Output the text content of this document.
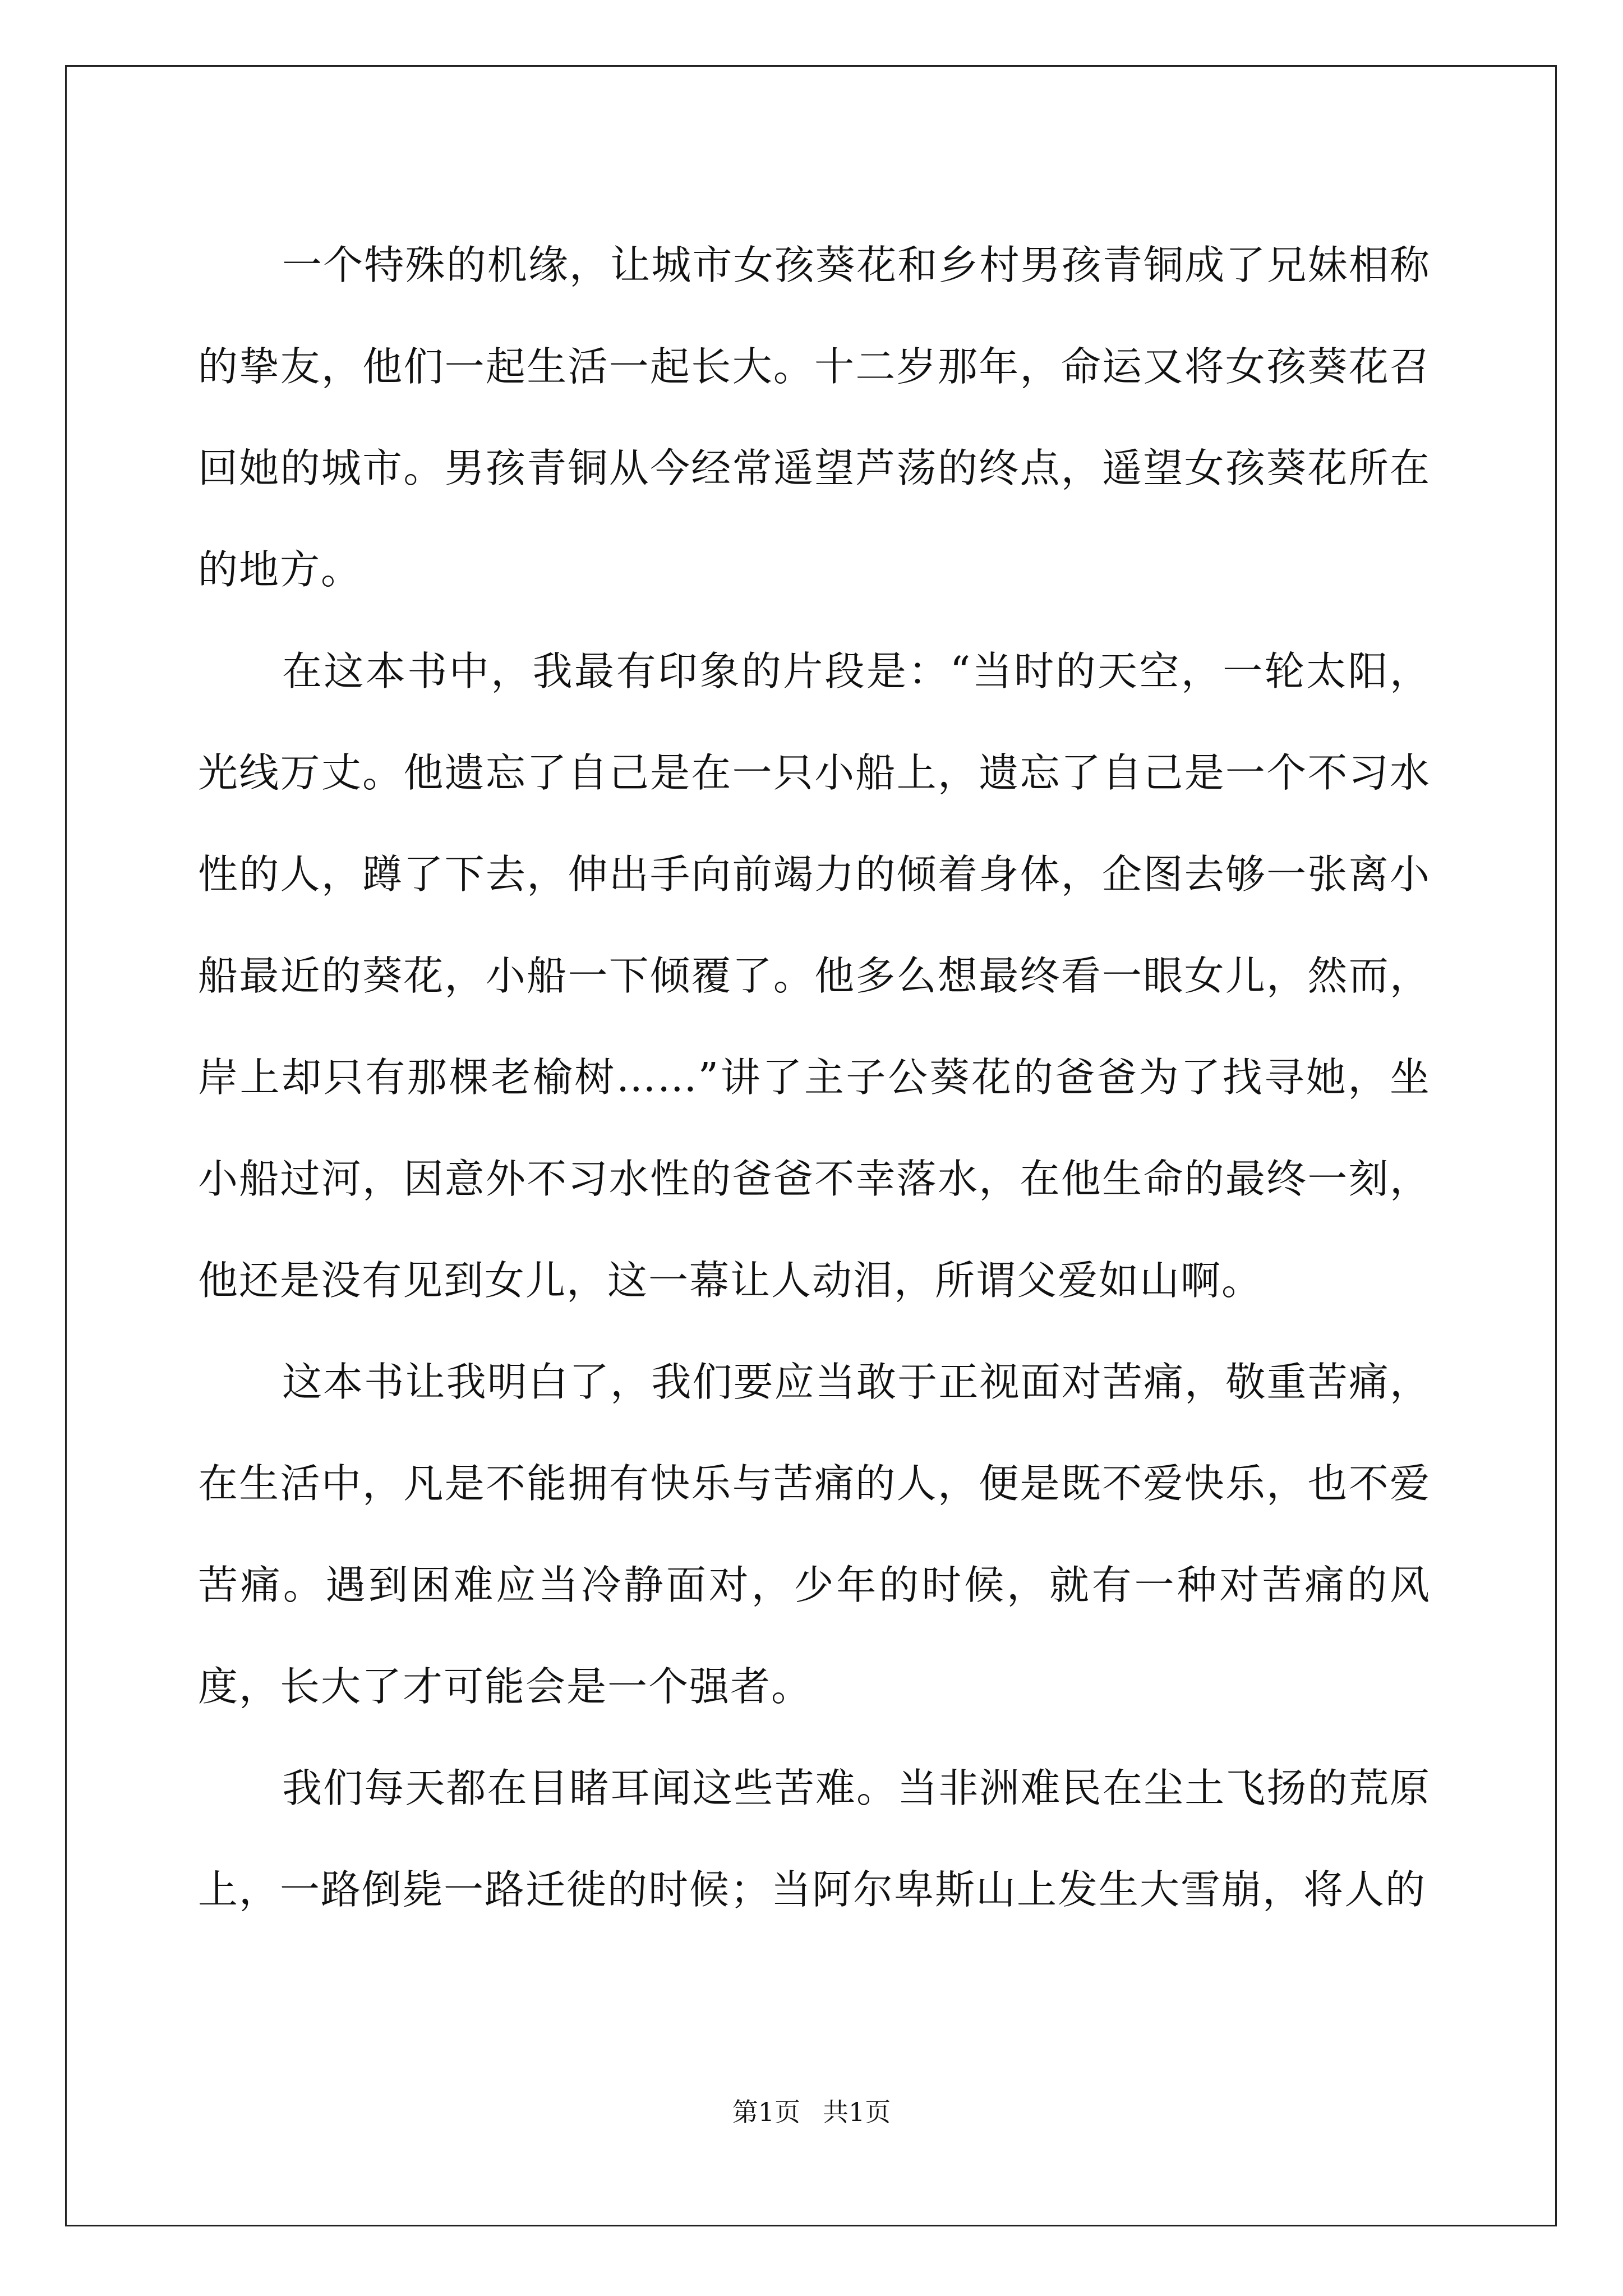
一个特殊的机缘，让城市女孩葵花和乡村男孩青铜成了兄妹相称的挚友，他们一起生活一起长大。十二岁那年，命运又将女孩葵花召回她的城市。男孩青铜从今经常遥望芦荡的终点，遥望女孩葵花所在的地方。

在这本书中，我最有印象的片段是：“当时的天空，一轮太阳，光线万丈。他遗忘了自己是在一只小船上，遗忘了自己是一个不习水性的人，蹲了下去，伸出手向前竭力的倾着身体，企图去够一张离小船最近的葵花，小船一下倾覆了。他多么想最终看一眼女儿，然而，岸上却只有那棵老榆树……”讲了主子公葵花的爸爸为了找寻她，坐小船过河，因意外不习水性的爸爸不幸落水，在他生命的最终一刻，他还是没有见到女儿，这一幕让人动泪，所谓父爱如山啊。

这本书让我明白了，我们要应当敢于正视面对苦痛，敬重苦痛，在生活中，凡是不能拥有快乐与苦痛的人，便是既不爱快乐，也不爱苦痛。遇到困难应当冷静面对，少年的时候，就有一种对苦痛的风度，长大了才可能会是一个强者。

我们每天都在目睹耳闻这些苦难。当非洲难民在尘土飞扬的荒原上，一路倒毙一路迁徙的时候；当阿尔卑斯山上发生大雪崩，将人的

第1页 共1页
